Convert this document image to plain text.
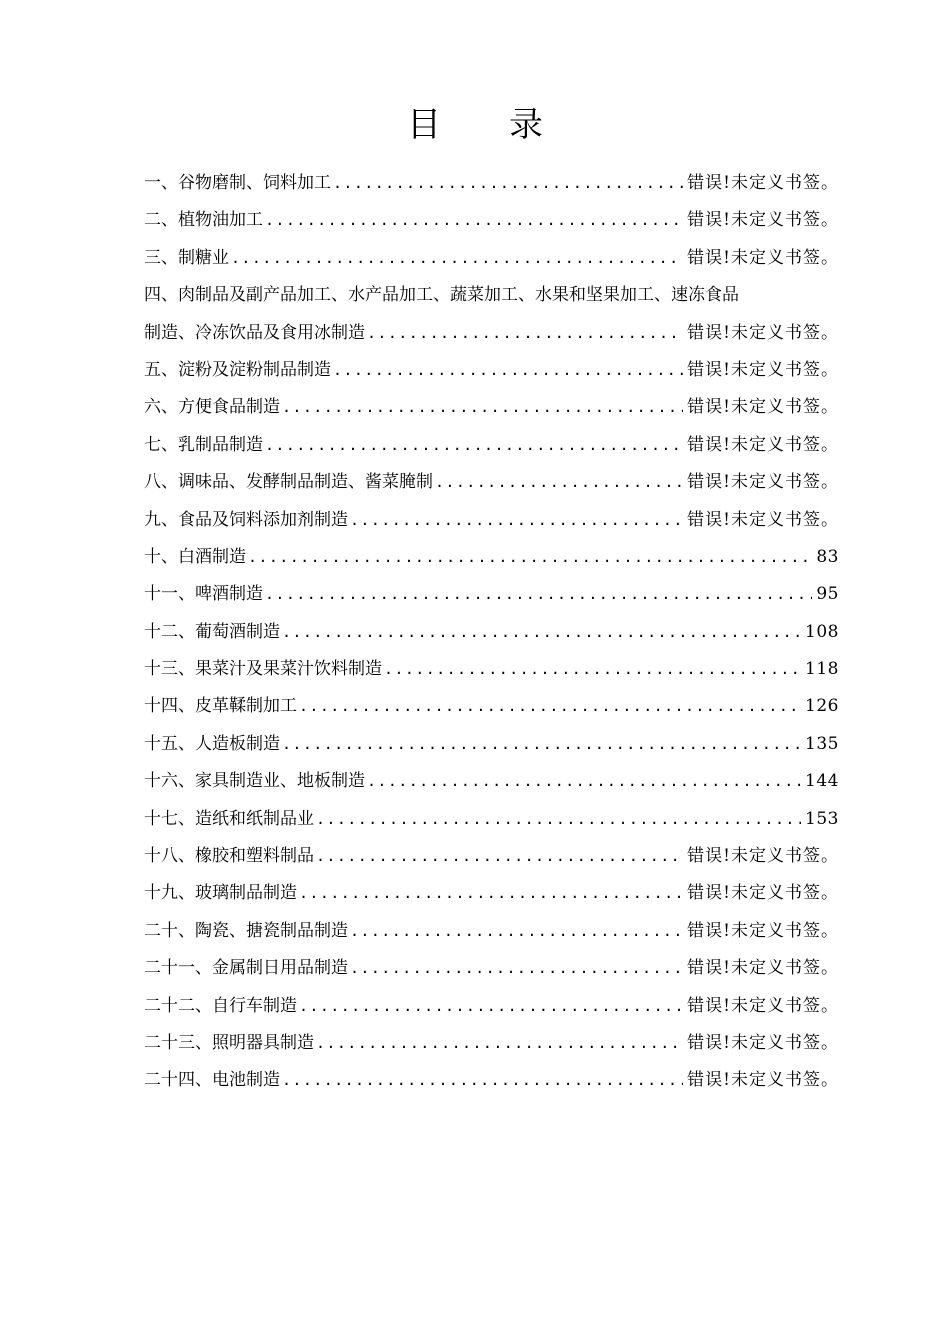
目　　录
一、谷物磨制、饲料加工 .....	错误!未定义书签。
二、植物油加工 .....	错误!未定义书签。
三、制糖业 .....	错误!未定义书签。
四、肉制品及副产品加工、水产品加工、蔬菜加工、水果和坚果加工、速冻食品
制造、冷冻饮品及食用冰制造 .....	错误!未定义书签。
五、淀粉及淀粉制品制造 .....	错误!未定义书签。
六、方便食品制造 .....	错误!未定义书签。
七、乳制品制造 .....	错误!未定义书签。
八、调味品、发酵制品制造、酱菜腌制 .....	错误!未定义书签。
九、食品及饲料添加剂制造 .....	错误!未定义书签。
十、白酒制造 .....	83
十一、啤酒制造 .....	95
十二、葡萄酒制造 .....	108
十三、果菜汁及果菜汁饮料制造 .....	118
十四、皮革鞣制加工 .....	126
十五、人造板制造 .....	135
十六、家具制造业、地板制造 .....	144
十七、造纸和纸制品业 .....	153
十八、橡胶和塑料制品 .....	错误!未定义书签。
十九、玻璃制品制造 .....	错误!未定义书签。
二十、陶瓷、搪瓷制品制造 .....	错误!未定义书签。
二十一、金属制日用品制造 .....	错误!未定义书签。
二十二、自行车制造 .....	错误!未定义书签。
二十三、照明器具制造 .....	错误!未定义书签。
二十四、电池制造 .....	错误!未定义书签。
